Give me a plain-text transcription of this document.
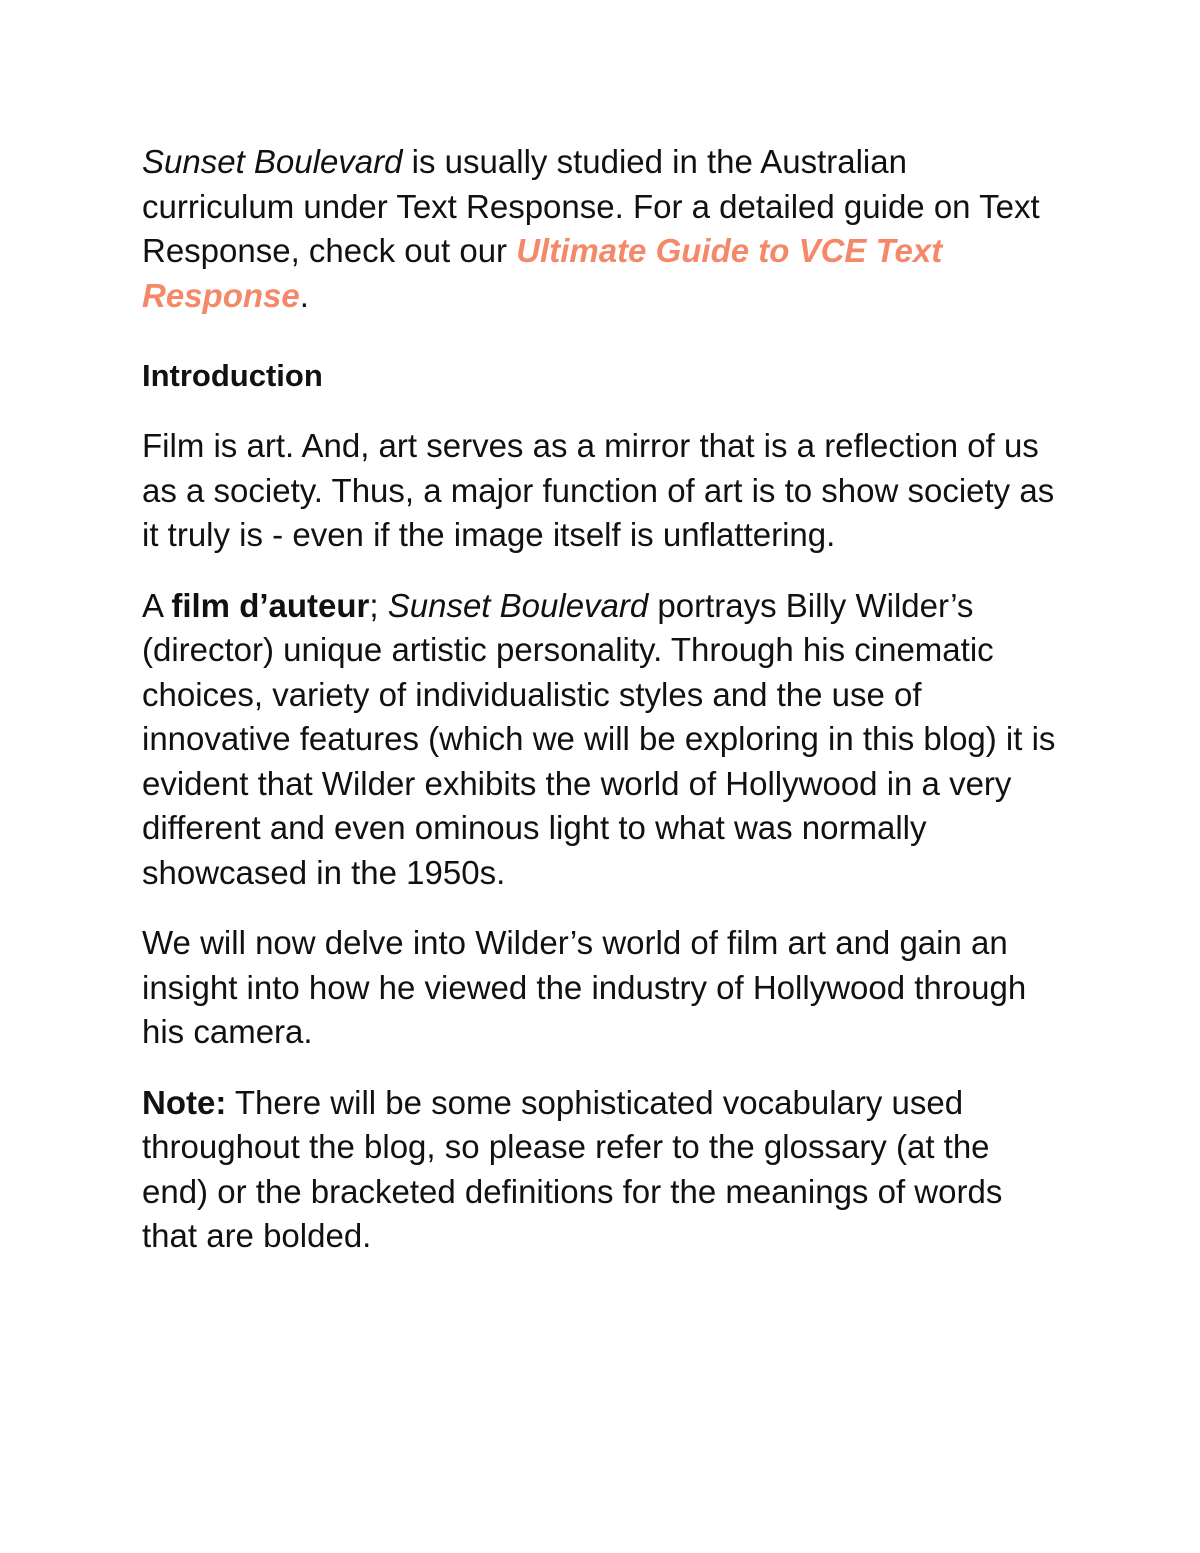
Sunset Boulevard is usually studied in the Australian curriculum under Text Response. For a detailed guide on Text Response, check out our Ultimate Guide to VCE Text Response.

Introduction

Film is art. And, art serves as a mirror that is a reflection of us as a society. Thus, a major function of art is to show society as it truly is - even if the image itself is unflattering.

A film d’auteur; Sunset Boulevard portrays Billy Wilder’s (director) unique artistic personality. Through his cinematic choices, variety of individualistic styles and the use of innovative features (which we will be exploring in this blog) it is evident that Wilder exhibits the world of Hollywood in a very different and even ominous light to what was normally showcased in the 1950s.

We will now delve into Wilder’s world of film art and gain an insight into how he viewed the industry of Hollywood through his camera.

Note: There will be some sophisticated vocabulary used throughout the blog, so please refer to the glossary (at the end) or the bracketed definitions for the meanings of words that are bolded.
